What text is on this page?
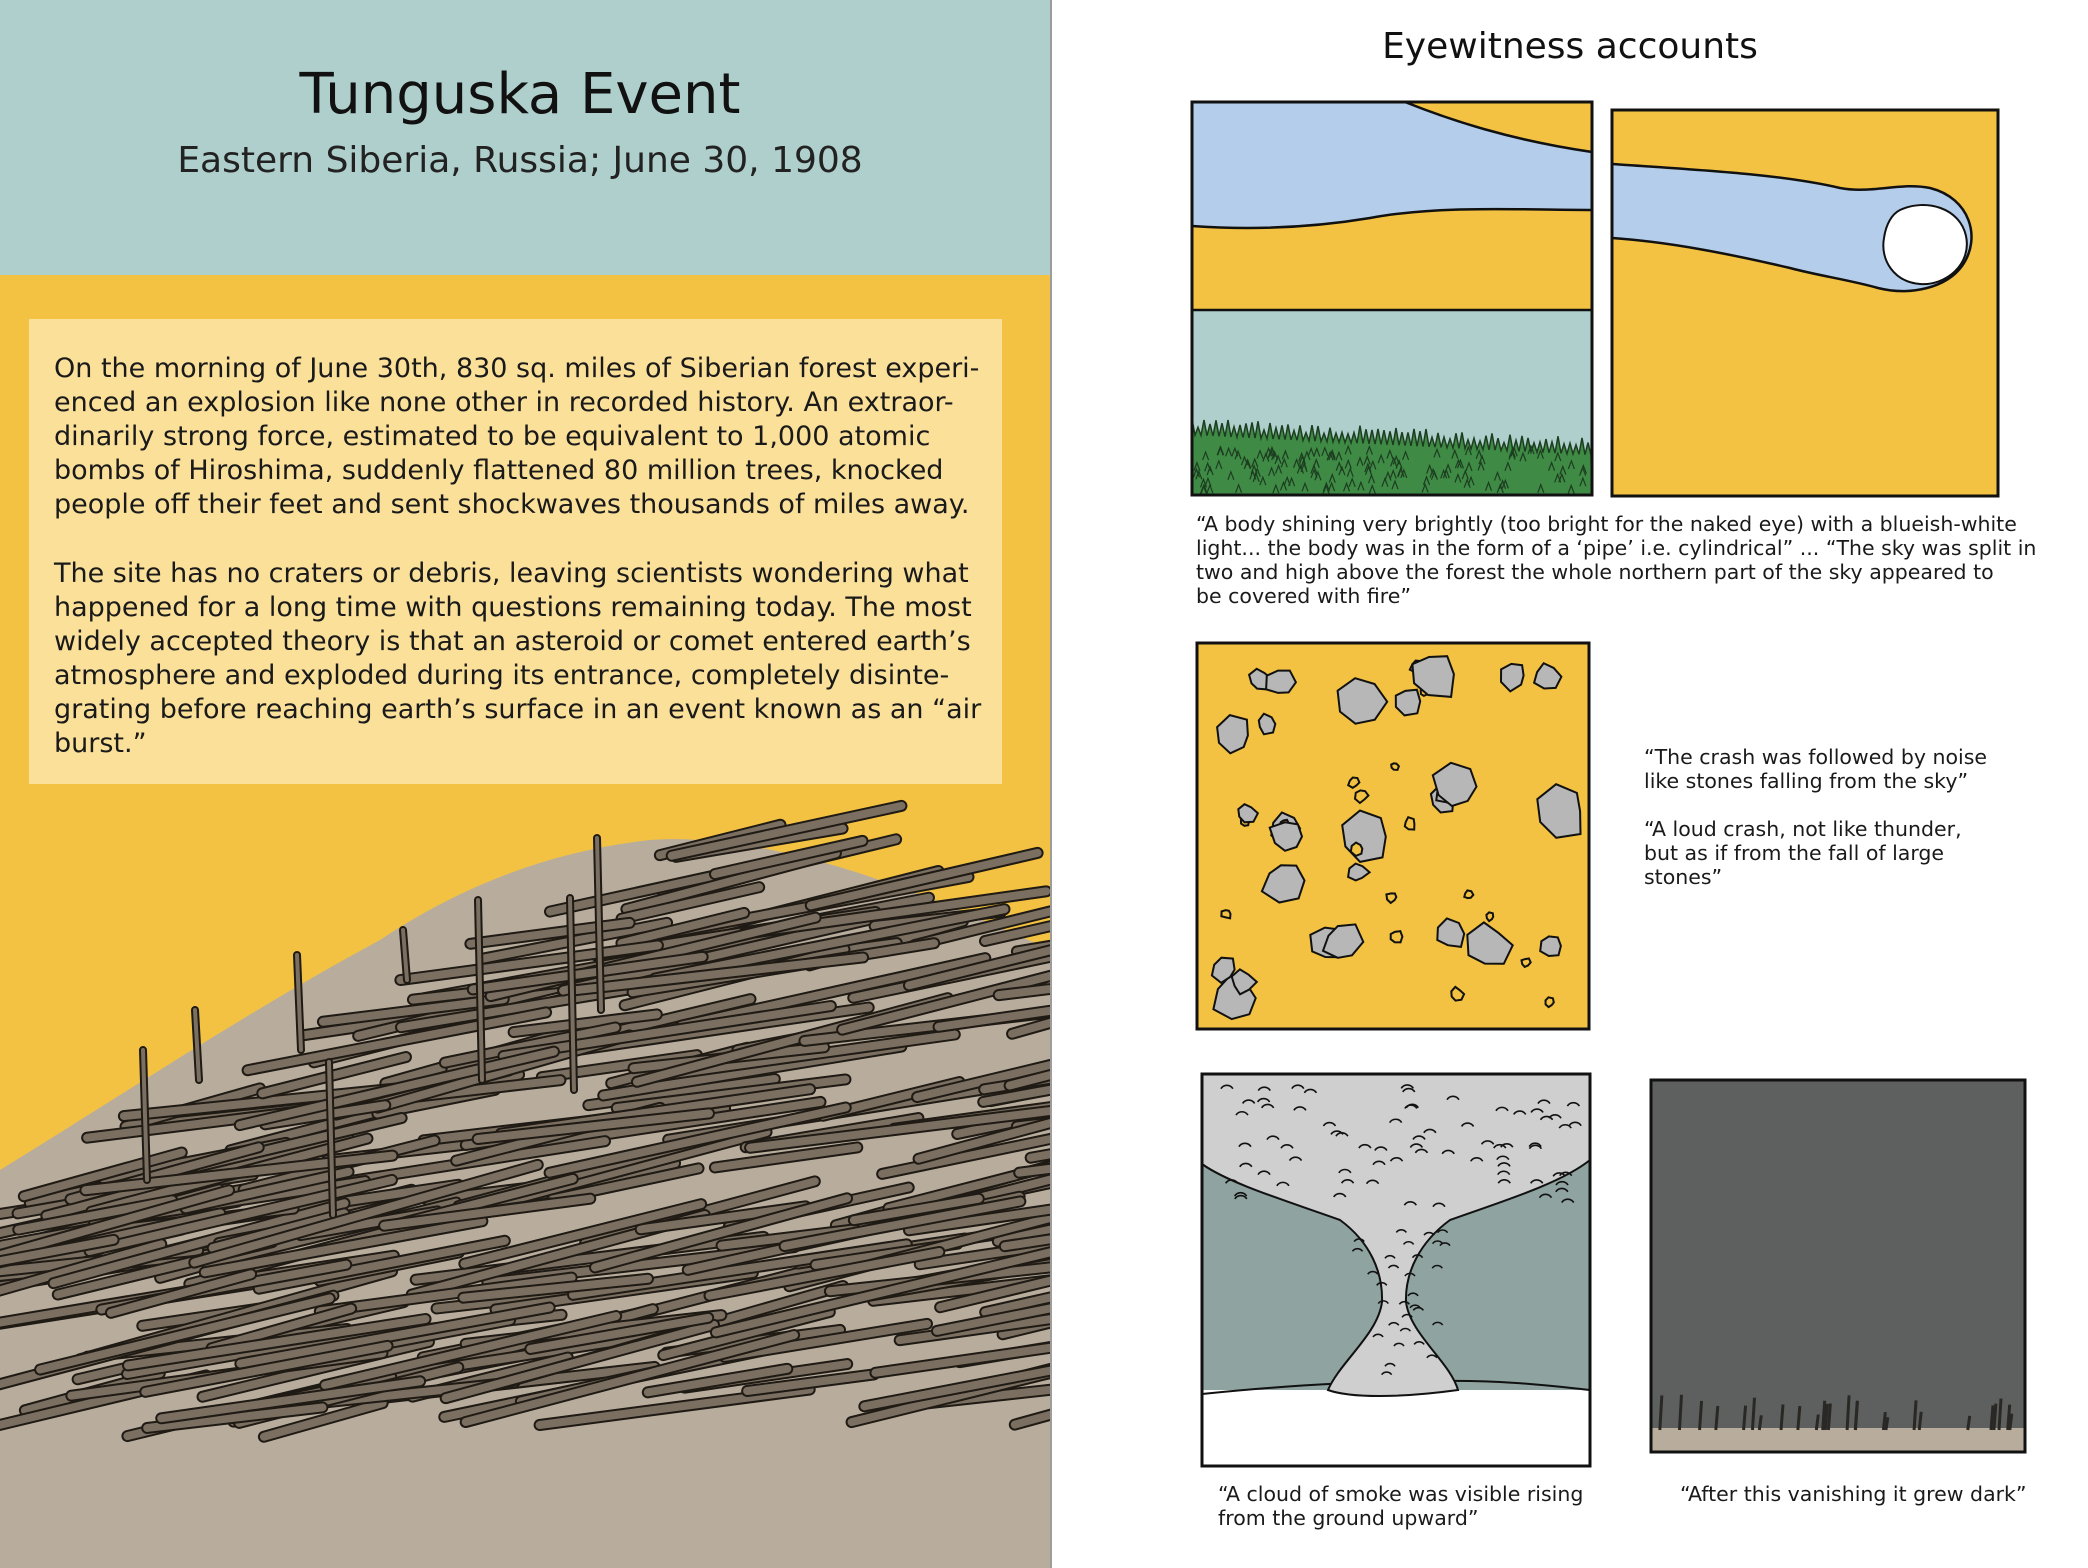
Tunguska Event
Eastern Siberia, Russia; June 30, 1908

On the morning of June 30th, 830 sq. miles of Siberian forest experi-
enced an explosion like none other in recorded history. An extraor-
dinarily strong force, estimated to be equivalent to 1,000 atomic
bombs of Hiroshima, suddenly flattened 80 million trees, knocked
people off their feet and sent shockwaves thousands of miles away.

The site has no craters or debris, leaving scientists wondering what
happened for a long time with questions remaining today. The most
widely accepted theory is that an asteroid or comet entered earth’s
atmosphere and exploded during its entrance, completely disinte-
grating before reaching earth’s surface in an event known as an “air
burst.”

Eyewitness accounts

“A body shining very brightly (too bright for the naked eye) with a blueish-white
light... the body was in the form of a ‘pipe’ i.e. cylindrical” ... “The sky was split in
two and high above the forest the whole northern part of the sky appeared to
be covered with fire”

“The crash was followed by noise
like stones falling from the sky”

“A loud crash, not like thunder,
but as if from the fall of large
stones”

“A cloud of smoke was visible rising
from the ground upward”

“After this vanishing it grew dark”
